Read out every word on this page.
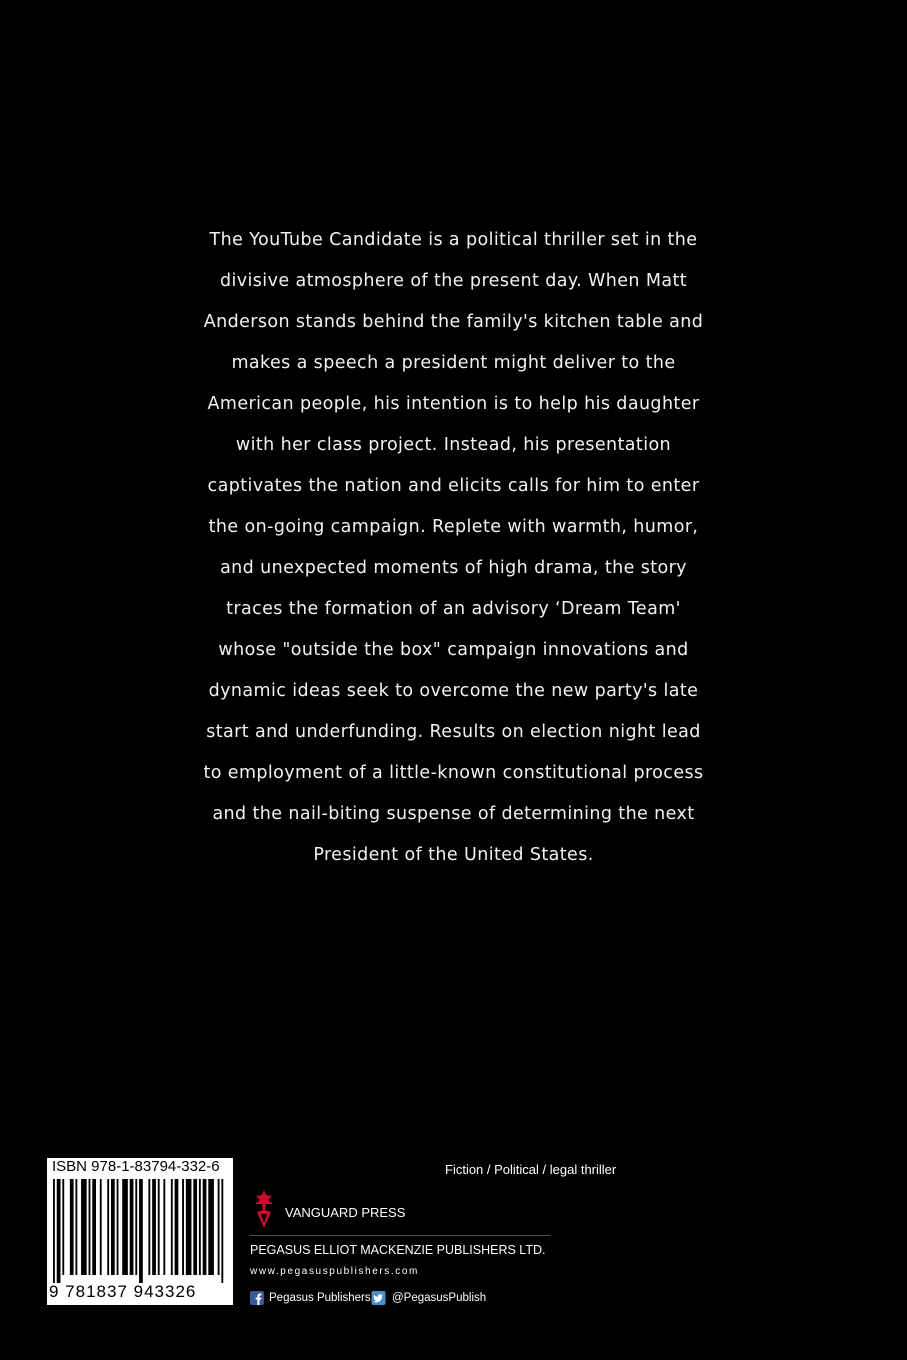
The YouTube Candidate is a political thriller set in the
divisive atmosphere of the present day. When Matt
Anderson stands behind the family's kitchen table and
makes a speech a president might deliver to the
American people, his intention is to help his daughter
with her class project. Instead, his presentation
captivates the nation and elicits calls for him to enter
the on-going campaign. Replete with warmth, humor,
and unexpected moments of high drama, the story
traces the formation of an advisory ‘Dream Team'
whose "outside the box" campaign innovations and
dynamic ideas seek to overcome the new party's late
start and underfunding. Results on election night lead
to employment of a little-known constitutional process
and the nail-biting suspense of determining the next
President of the United States.
ISBN 978-1-83794-332-6
9 781837 943326
Fiction / Political / legal thriller
VANGUARD PRESS
PEGASUS ELLIOT MACKENZIE PUBLISHERS LTD.
www.pegasuspublishers.com
Pegasus Publishers @PegasusPublish
